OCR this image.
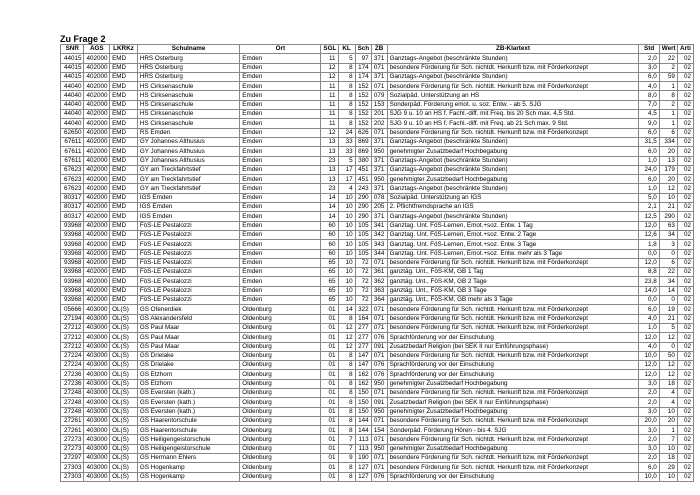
Zu Frage 2
SNR	AGS	LKRKz	Schulname	Ort	SGL	KL	Sch	ZB	ZB-Klartext	Std	Wert	Arti
44015	402000	EMD	HRS Osterburg	Emden	11	5	97	371	Ganztags-Angebot (beschränkte Stunden)	2,0	22	02
44015	402000	EMD	HRS Osterburg	Emden	12	8	174	071	besondere Förderung für Sch. nichtdt. Herkunft bzw. mit Förderkonzept	3,0	2	02
44015	402000	EMD	HRS Osterburg	Emden	12	8	174	371	Ganztags-Angebot (beschränkte Stunden)	6,0	59	02
44040	402000	EMD	HS Cirksenaschule	Emden	11	8	152	071	besondere Förderung für Sch. nichtdt. Herkunft bzw. mit Förderkonzept	4,0	1	02
44040	402000	EMD	HS Cirksenaschule	Emden	11	8	152	079	Sozialpäd. Unterstützung an HS	8,0	8	02
44040	402000	EMD	HS Cirksenaschule	Emden	11	8	152	153	Sonderpäd. Förderung emot. u. soz. Entw. - ab 5. SJG	7,0	2	02
44040	402000	EMD	HS Cirksenaschule	Emden	11	8	152	201	SJG 9 u. 10 an HS f. Fachl.-diff. mit Freq. bis 20 Sch max. 4,5 Std.	4,5	1	02
44040	402000	EMD	HS Cirksenaschule	Emden	11	8	152	202	SJG 9 u. 10 an HS f. Fachl.-diff. mit Freq. ab 21 Sch max. 9 Std.	9,0	1	02
62650	402000	EMD	RS Emden	Emden	12	24	626	071	besondere Förderung für Sch. nichtdt. Herkunft bzw. mit Förderkonzept	6,0	6	02
67611	402000	EMD	GY Johannes Althusius	Emden	13	33	869	371	Ganztags-Angebot (beschränkte Stunden)	31,5	334	02
67611	402000	EMD	GY Johannes Althusius	Emden	13	33	869	950	genehmigter Zusatzbedarf Hochbegabung	6,0	20	02
67611	402000	EMD	GY Johannes Althusius	Emden	23	5	380	371	Ganztags-Angebot (beschränkte Stunden)	1,0	13	02
67623	402000	EMD	GY am Treckfahrtstief	Emden	13	17	451	371	Ganztags-Angebot (beschränkte Stunden)	24,0	179	02
67623	402000	EMD	GY am Treckfahrtstief	Emden	13	17	451	950	genehmigter Zusatzbedarf Hochbegabung	6,0	20	02
67623	402000	EMD	GY am Treckfahrtstief	Emden	23	4	243	371	Ganztags-Angebot (beschränkte Stunden)	1,0	12	02
80317	402000	EMD	IGS Emden	Emden	14	10	290	078	Sozialpäd. Unterstützung an IGS	5,0	10	02
80317	402000	EMD	IGS Emden	Emden	14	10	290	205	2. Pflichtfremdsprache an IGS	2,1	21	02
80317	402000	EMD	IGS Emden	Emden	14	10	290	371	Ganztags-Angebot (beschränkte Stunden)	12,5	290	02
93968	402000	EMD	FöS-LE Pestalozzi	Emden	60	10	105	341	Ganztag. Unt. FöS-Lernen, Emot.+soz. Entw. 1 Tag	12,0	63	02
93968	402000	EMD	FöS-LE Pestalozzi	Emden	60	10	105	342	Ganztag. Unt. FöS-Lernen, Emot.+soz. Entw. 2 Tage	12,6	34	02
93968	402000	EMD	FöS-LE Pestalozzi	Emden	60	10	105	343	Ganztag. Unt. FöS-Lernen, Emot.+soz. Entw. 3 Tage	1,8	3	02
93968	402000	EMD	FöS-LE Pestalozzi	Emden	60	10	105	344	Ganztag. Unt. FöS-Lernen, Emot.+soz. Entw. mehr als 3 Tage	0,0	0	02
93968	402000	EMD	FöS-LE Pestalozzi	Emden	65	10	72	071	besondere Förderung für Sch. nichtdt. Herkunft bzw. mit Förderkonzept	12,0	6	02
93968	402000	EMD	FöS-LE Pestalozzi	Emden	65	10	72	361	ganztäg. Unt., FöS-KM, GB 1 Tag	8,8	22	02
93968	402000	EMD	FöS-LE Pestalozzi	Emden	65	10	72	362	ganztäg. Unt., FöS-KM, GB 2 Tage	23,8	34	02
93968	402000	EMD	FöS-LE Pestalozzi	Emden	65	10	72	363	ganztäg. Unt., FöS-KM, GB 3 Tage	14,0	14	02
93968	402000	EMD	FöS-LE Pestalozzi	Emden	65	10	72	364	ganztäg. Unt., FöS-KM, GB mehr als 3 Tage	0,0	0	02
05666	403000	OL(S)	GS Ofenerdiek	Oldenburg	01	14	322	071	besondere Förderung für Sch. nichtdt. Herkunft bzw. mit Förderkonzept	6,0	19	02
27194	403000	OL(S)	GS Alexandersfeld	Oldenburg	01	8	164	071	besondere Förderung für Sch. nichtdt. Herkunft bzw. mit Förderkonzept	4,0	21	02
27212	403000	OL(S)	GS Paul Maar	Oldenburg	01	12	277	071	besondere Förderung für Sch. nichtdt. Herkunft bzw. mit Förderkonzept	1,0	5	02
27212	403000	OL(S)	GS Paul Maar	Oldenburg	01	12	277	076	Sprachförderung vor der Einschulung	12,0	12	02
27212	403000	OL(S)	GS Paul Maar	Oldenburg	01	12	277	091	Zusatzbedarf Religion (bei SEK II nur Einführungsphase)	4,0	0	02
27224	403000	OL(S)	GS Drielake	Oldenburg	01	8	147	071	besondere Förderung für Sch. nichtdt. Herkunft bzw. mit Förderkonzept	10,0	50	02
27224	403000	OL(S)	GS Drielake	Oldenburg	01	8	147	076	Sprachförderung vor der Einschulung	12,0	12	02
27236	403000	OL(S)	GS Etzhorn	Oldenburg	01	8	162	076	Sprachförderung vor der Einschulung	12,0	12	02
27236	403000	OL(S)	GS Etzhorn	Oldenburg	01	8	162	950	genehmigter Zusatzbedarf Hochbegabung	3,0	18	02
27248	403000	OL(S)	GS Eversten (kath.)	Oldenburg	01	8	150	071	besondere Förderung für Sch. nichtdt. Herkunft bzw. mit Förderkonzept	2,0	4	02
27248	403000	OL(S)	GS Eversten (kath.)	Oldenburg	01	8	150	091	Zusatzbedarf Religion (bei SEK II nur Einführungsphase)	2,0	4	02
27248	403000	OL(S)	GS Eversten (kath.)	Oldenburg	01	8	150	950	genehmigter Zusatzbedarf Hochbegabung	3,0	10	02
27261	403000	OL(S)	GS Haarentorschule	Oldenburg	01	8	144	071	besondere Förderung für Sch. nichtdt. Herkunft bzw. mit Förderkonzept	20,0	20	02
27261	403000	OL(S)	GS Haarentorschule	Oldenburg	01	8	144	154	Sonderpäd. Förderung Hören - bis 4. SJG	3,0	1	02
27273	403000	OL(S)	GS Heiligengeistorschule	Oldenburg	01	7	113	071	besondere Förderung für Sch. nichtdt. Herkunft bzw. mit Förderkonzept	2,0	7	02
27273	403000	OL(S)	GS Heiligengeistorschule	Oldenburg	01	7	113	950	genehmigter Zusatzbedarf Hochbegabung	3,0	10	02
27297	403000	OL(S)	GS Hermann Ehlers	Oldenburg	01	9	190	071	besondere Förderung für Sch. nichtdt. Herkunft bzw. mit Förderkonzept	2,0	18	02
27303	403000	OL(S)	GS Hogenkamp	Oldenburg	01	8	127	071	besondere Förderung für Sch. nichtdt. Herkunft bzw. mit Förderkonzept	6,0	29	02
27303	403000	OL(S)	GS Hogenkamp	Oldenburg	01	8	127	076	Sprachförderung vor der Einschulung	10,0	10	02
